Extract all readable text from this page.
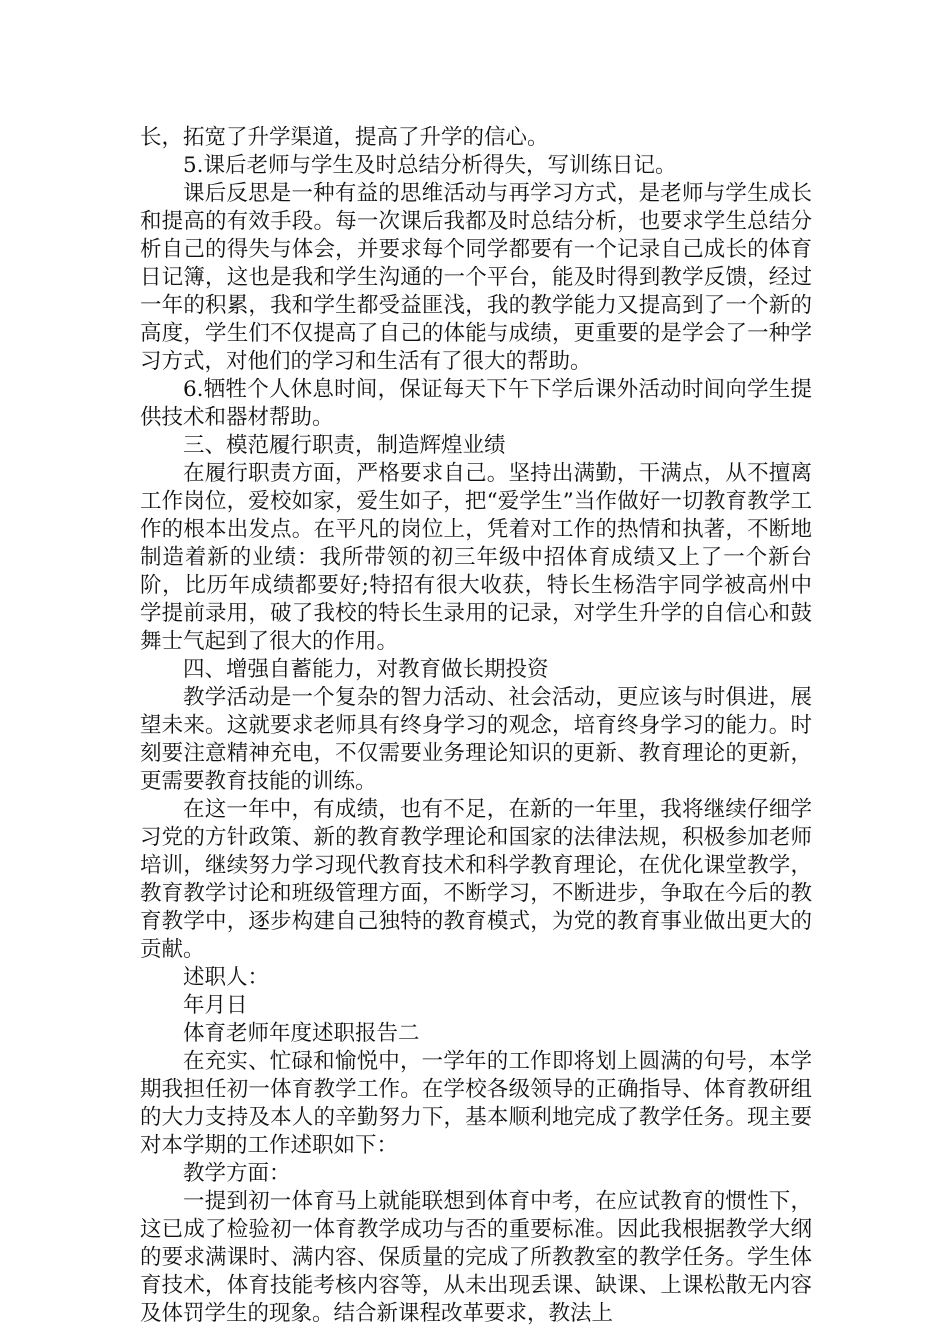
长，拓宽了升学渠道，提高了升学的信心。

5.课后老师与学生及时总结分析得失，写训练日记。

课后反思是一种有益的思维活动与再学习方式，是老师与学生成长和提高的有效手段。每一次课后我都及时总结分析，也要求学生总结分析自己的得失与体会，并要求每个同学都要有一个记录自己成长的体育日记簿，这也是我和学生沟通的一个平台，能及时得到教学反馈，经过一年的积累，我和学生都受益匪浅，我的教学能力又提高到了一个新的高度，学生们不仅提高了自己的体能与成绩，更重要的是学会了一种学习方式，对他们的学习和生活有了很大的帮助。

6.牺牲个人休息时间，保证每天下午下学后课外活动时间向学生提供技术和器材帮助。

三、模范履行职责，制造辉煌业绩

在履行职责方面，严格要求自己。坚持出满勤，干满点，从不擅离工作岗位，爱校如家，爱生如子，把“爱学生”当作做好一切教育教学工作的根本出发点。在平凡的岗位上，凭着对工作的热情和执著，不断地制造着新的业绩：我所带领的初三年级中招体育成绩又上了一个新台阶，比历年成绩都要好;特招有很大收获，特长生杨浩宇同学被高州中学提前录用，破了我校的特长生录用的记录，对学生升学的自信心和鼓舞士气起到了很大的作用。

四、增强自蓄能力，对教育做长期投资

教学活动是一个复杂的智力活动、社会活动，更应该与时俱进，展望未来。这就要求老师具有终身学习的观念，培育终身学习的能力。时刻要注意精神充电，不仅需要业务理论知识的更新、教育理论的更新，更需要教育技能的训练。

在这一年中，有成绩，也有不足，在新的一年里，我将继续仔细学习党的方针政策、新的教育教学理论和国家的法律法规，积极参加老师培训，继续努力学习现代教育技术和科学教育理论，在优化课堂教学，教育教学讨论和班级管理方面，不断学习，不断进步，争取在今后的教育教学中，逐步构建自己独特的教育模式，为党的教育事业做出更大的贡献。

述职人：

年月日

体育老师年度述职报告二

在充实、忙碌和愉悦中，一学年的工作即将划上圆满的句号，本学期我担任初一体育教学工作。在学校各级领导的正确指导、体育教研组的大力支持及本人的辛勤努力下，基本顺利地完成了教学任务。现主要对本学期的工作述职如下：

教学方面：

一提到初一体育马上就能联想到体育中考，在应试教育的惯性下，这已成了检验初一体育教学成功与否的重要标准。因此我根据教学大纲的要求满课时、满内容、保质量的完成了所教教室的教学任务。学生体育技术，体育技能考核内容等，从未出现丢课、缺课、上课松散无内容及体罚学生的现象。结合新课程改革要求，教法上
